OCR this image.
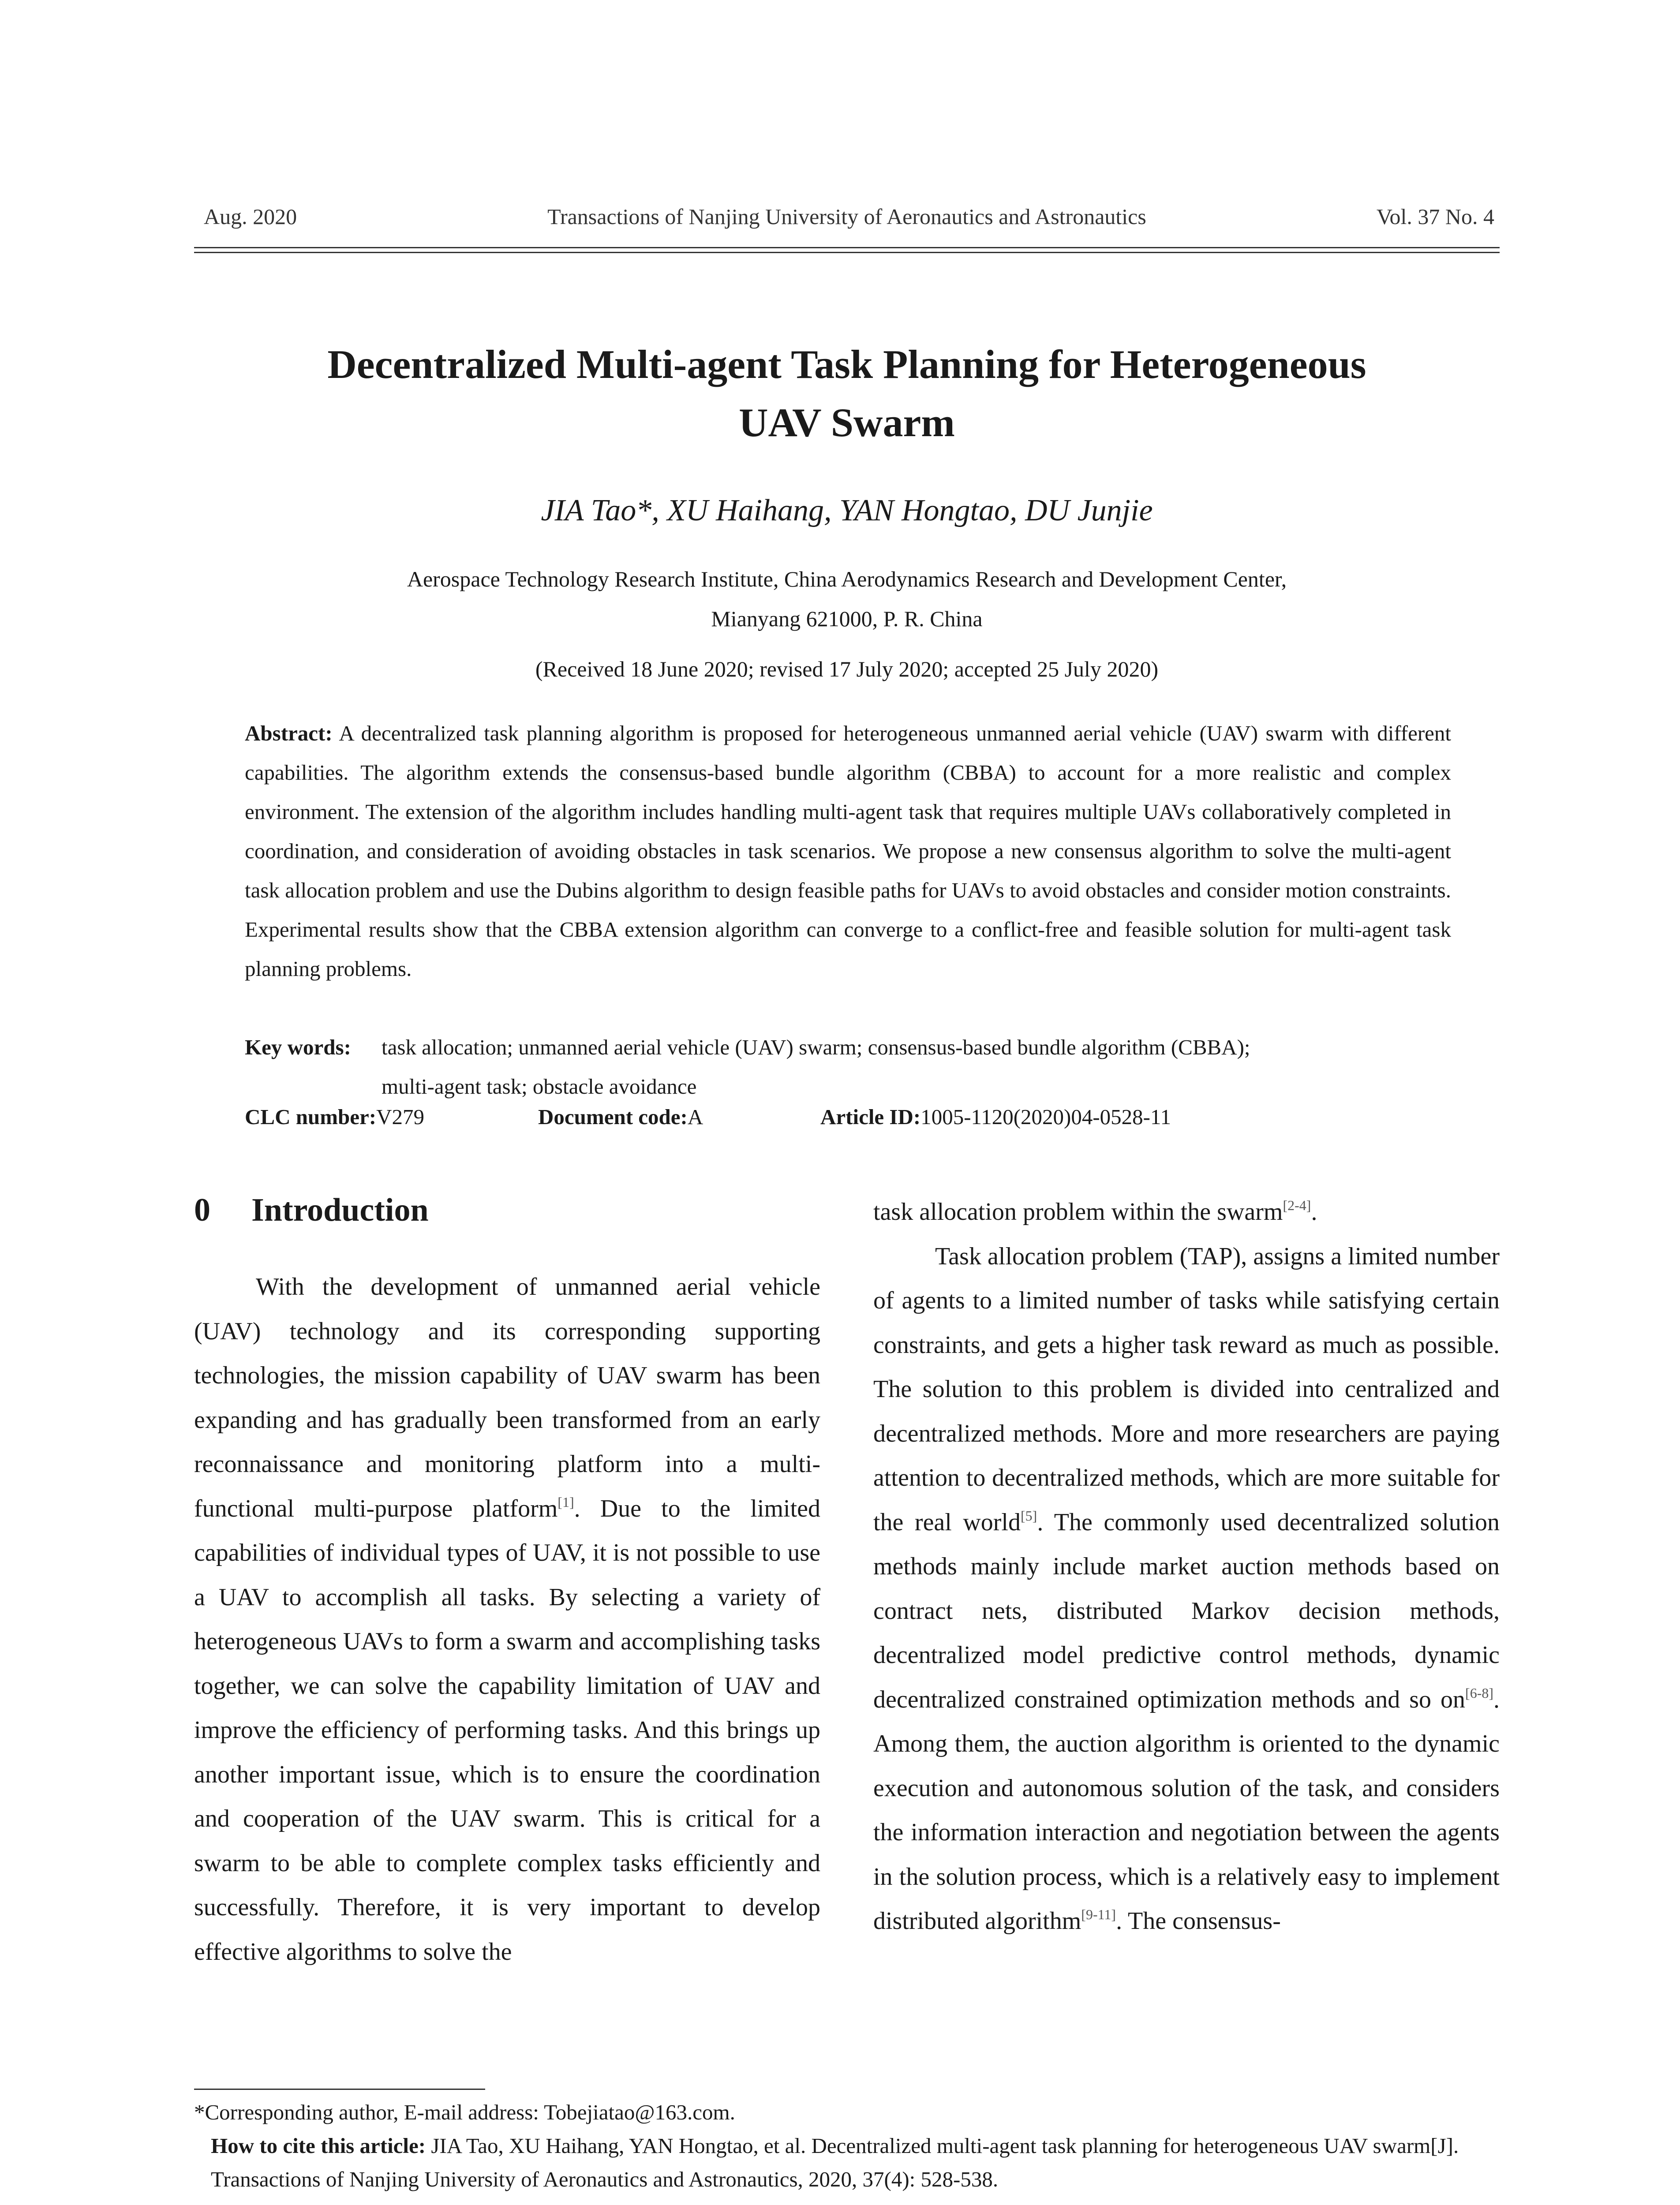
Aug. 2020	Transactions of Nanjing University of Aeronautics and Astronautics	Vol. 37 No. 4
Decentralized Multi-agent Task Planning for Heterogeneous
UAV Swarm
JIA Tao*, XU Haihang, YAN Hongtao, DU Junjie
Aerospace Technology Research Institute, China Aerodynamics Research and Development Center,
Mianyang 621000, P. R. China
(Received 18 June 2020; revised 17 July 2020; accepted 25 July 2020)
Abstract: A decentralized task planning algorithm is proposed for heterogeneous unmanned aerial vehicle (UAV) swarm with different capabilities. The algorithm extends the consensus-based bundle algorithm (CBBA) to account for a more realistic and complex environment. The extension of the algorithm includes handling multi-agent task that requires multiple UAVs collaboratively completed in coordination, and consideration of avoiding obstacles in task scenarios. We propose a new consensus algorithm to solve the multi-agent task allocation problem and use the Dubins algorithm to design feasible paths for UAVs to avoid obstacles and consider motion constraints. Experimental results show that the CBBA extension algorithm can converge to a conflict-free and feasible solution for multi-agent task planning problems.
Key words: task allocation; unmanned aerial vehicle (UAV) swarm; consensus-based bundle algorithm (CBBA);
multi-agent task; obstacle avoidance
CLC number:V279	Document code:A	Article ID:1005-1120(2020)04-0528-11
0 Introduction

With the development of unmanned aerial vehicle (UAV) technology and its corresponding supporting technologies, the mission capability of UAV swarm has been expanding and has gradually been transformed from an early reconnaissance and monitoring platform into a multi-functional multi-purpose platform[1]. Due to the limited capabilities of individual types of UAV, it is not possible to use a UAV to accomplish all tasks. By selecting a variety of heterogeneous UAVs to form a swarm and accomplishing tasks together, we can solve the capability limitation of UAV and improve the efficiency of performing tasks. And this brings up another important issue, which is to ensure the coordination and cooperation of the UAV swarm. This is critical for a swarm to be able to complete complex tasks efficiently and successfully. Therefore, it is very important to develop effective algorithms to solve the

task allocation problem within the swarm[2-4].

Task allocation problem (TAP), assigns a limited number of agents to a limited number of tasks while satisfying certain constraints, and gets a higher task reward as much as possible. The solution to this problem is divided into centralized and decentralized methods. More and more researchers are paying attention to decentralized methods, which are more suitable for the real world[5]. The commonly used decentralized solution methods mainly include market auction methods based on contract nets, distributed Markov decision methods, decentralized model predictive control methods, dynamic decentralized constrained optimization methods and so on[6-8]. Among them, the auction algorithm is oriented to the dynamic execution and autonomous solution of the task, and considers the information interaction and negotiation between the agents in the solution process, which is a relatively easy to implement distributed algorithm[9-11]. The consensus-

*Corresponding author, E-mail address: Tobejiatao@163.com.

How to cite this article: JIA Tao, XU Haihang, YAN Hongtao, et al. Decentralized multi-agent task planning for heterogeneous UAV swarm[J]. Transactions of Nanjing University of Aeronautics and Astronautics, 2020, 37(4): 528-538.
